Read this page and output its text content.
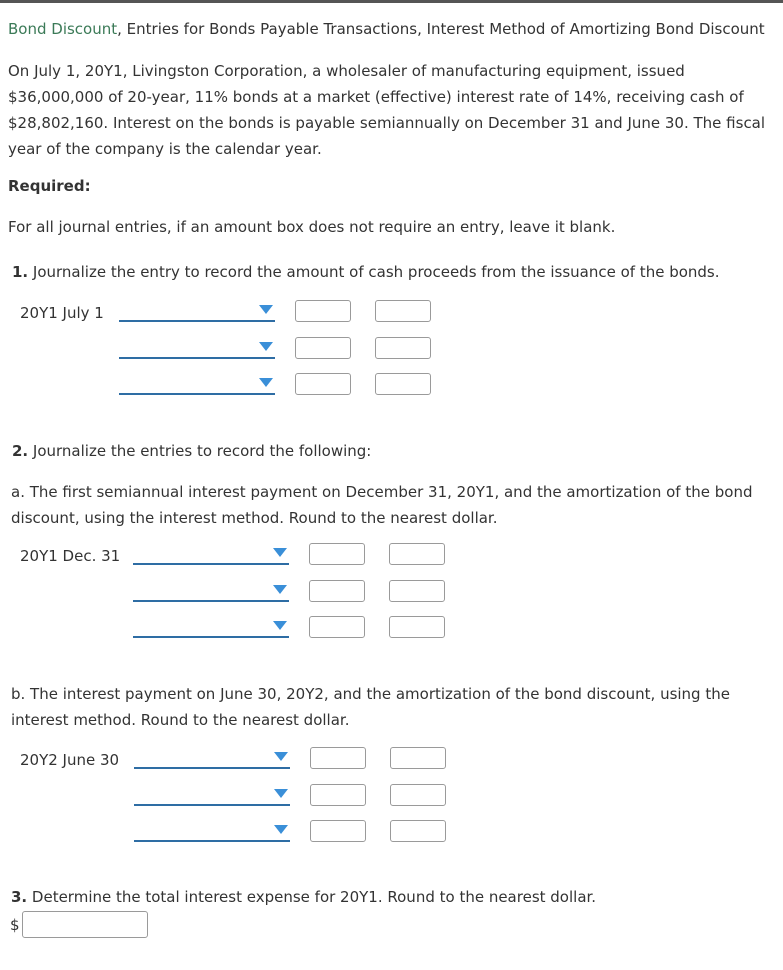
Bond Discount, Entries for Bonds Payable Transactions, Interest Method of Amortizing Bond Discount
On July 1, 20Y1, Livingston Corporation, a wholesaler of manufacturing equipment, issued
$36,000,000 of 20-year, 11% bonds at a market (effective) interest rate of 14%, receiving cash of
$28,802,160. Interest on the bonds is payable semiannually on December 31 and June 30. The fiscal
year of the company is the calendar year.
Required:
For all journal entries, if an amount box does not require an entry, leave it blank.
1. Journalize the entry to record the amount of cash proceeds from the issuance of the bonds.
20Y1 July 1
2. Journalize the entries to record the following:
a. The first semiannual interest payment on December 31, 20Y1, and the amortization of the bond
discount, using the interest method. Round to the nearest dollar.
20Y1 Dec. 31
b. The interest payment on June 30, 20Y2, and the amortization of the bond discount, using the
interest method. Round to the nearest dollar.
20Y2 June 30
3. Determine the total interest expense for 20Y1. Round to the nearest dollar.
$
